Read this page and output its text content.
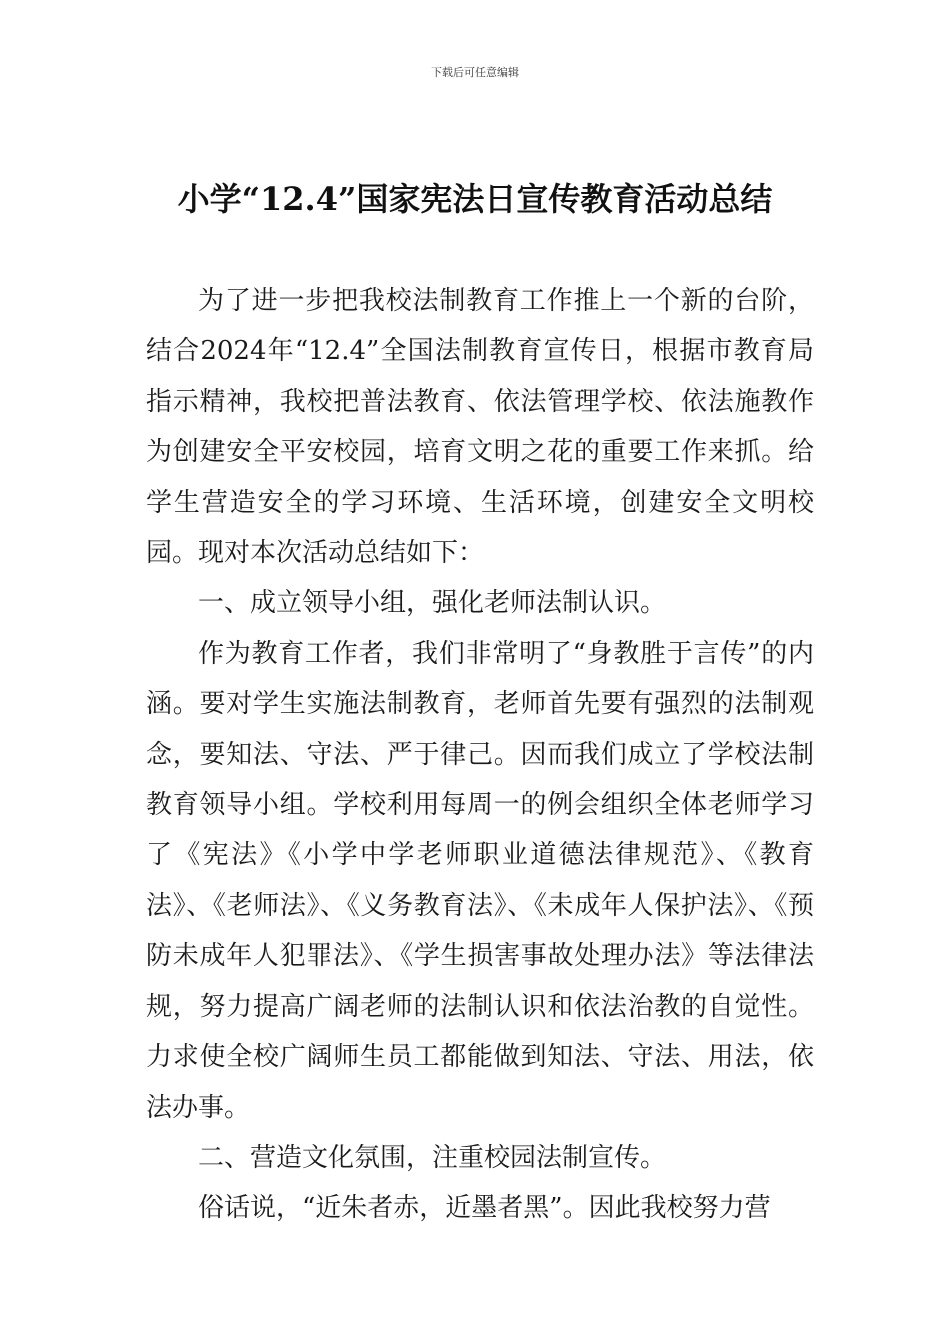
下载后可任意编辑
小学“12.4”国家宪法日宣传教育活动总结

为了进一步把我校法制教育工作推上一个新的台阶，结合2024年“12.4”全国法制教育宣传日，根据市教育局指示精神，我校把普法教育、依法管理学校、依法施教作为创建安全平安校园，培育文明之花的重要工作来抓。给学生营造安全的学习环境、生活环境，创建安全文明校园。现对本次活动总结如下：

一、成立领导小组，强化老师法制认识。

作为教育工作者，我们非常明了“身教胜于言传”的内涵。要对学生实施法制教育，老师首先要有强烈的法制观念，要知法、守法、严于律己。因而我们成立了学校法制教育领导小组。学校利用每周一的例会组织全体老师学习了《宪法》《小学中学老师职业道德法律规范》、《教育法》、《老师法》、《义务教育法》、《未成年人保护法》、《预防未成年人犯罪法》、《学生损害事故处理办法》等法律法规，努力提高广阔老师的法制认识和依法治教的自觉性。力求使全校广阔师生员工都能做到知法、守法、用法，依法办事。

二、营造文化氛围，注重校园法制宣传。

俗话说，“近朱者赤，近墨者黑”。因此我校努力营
